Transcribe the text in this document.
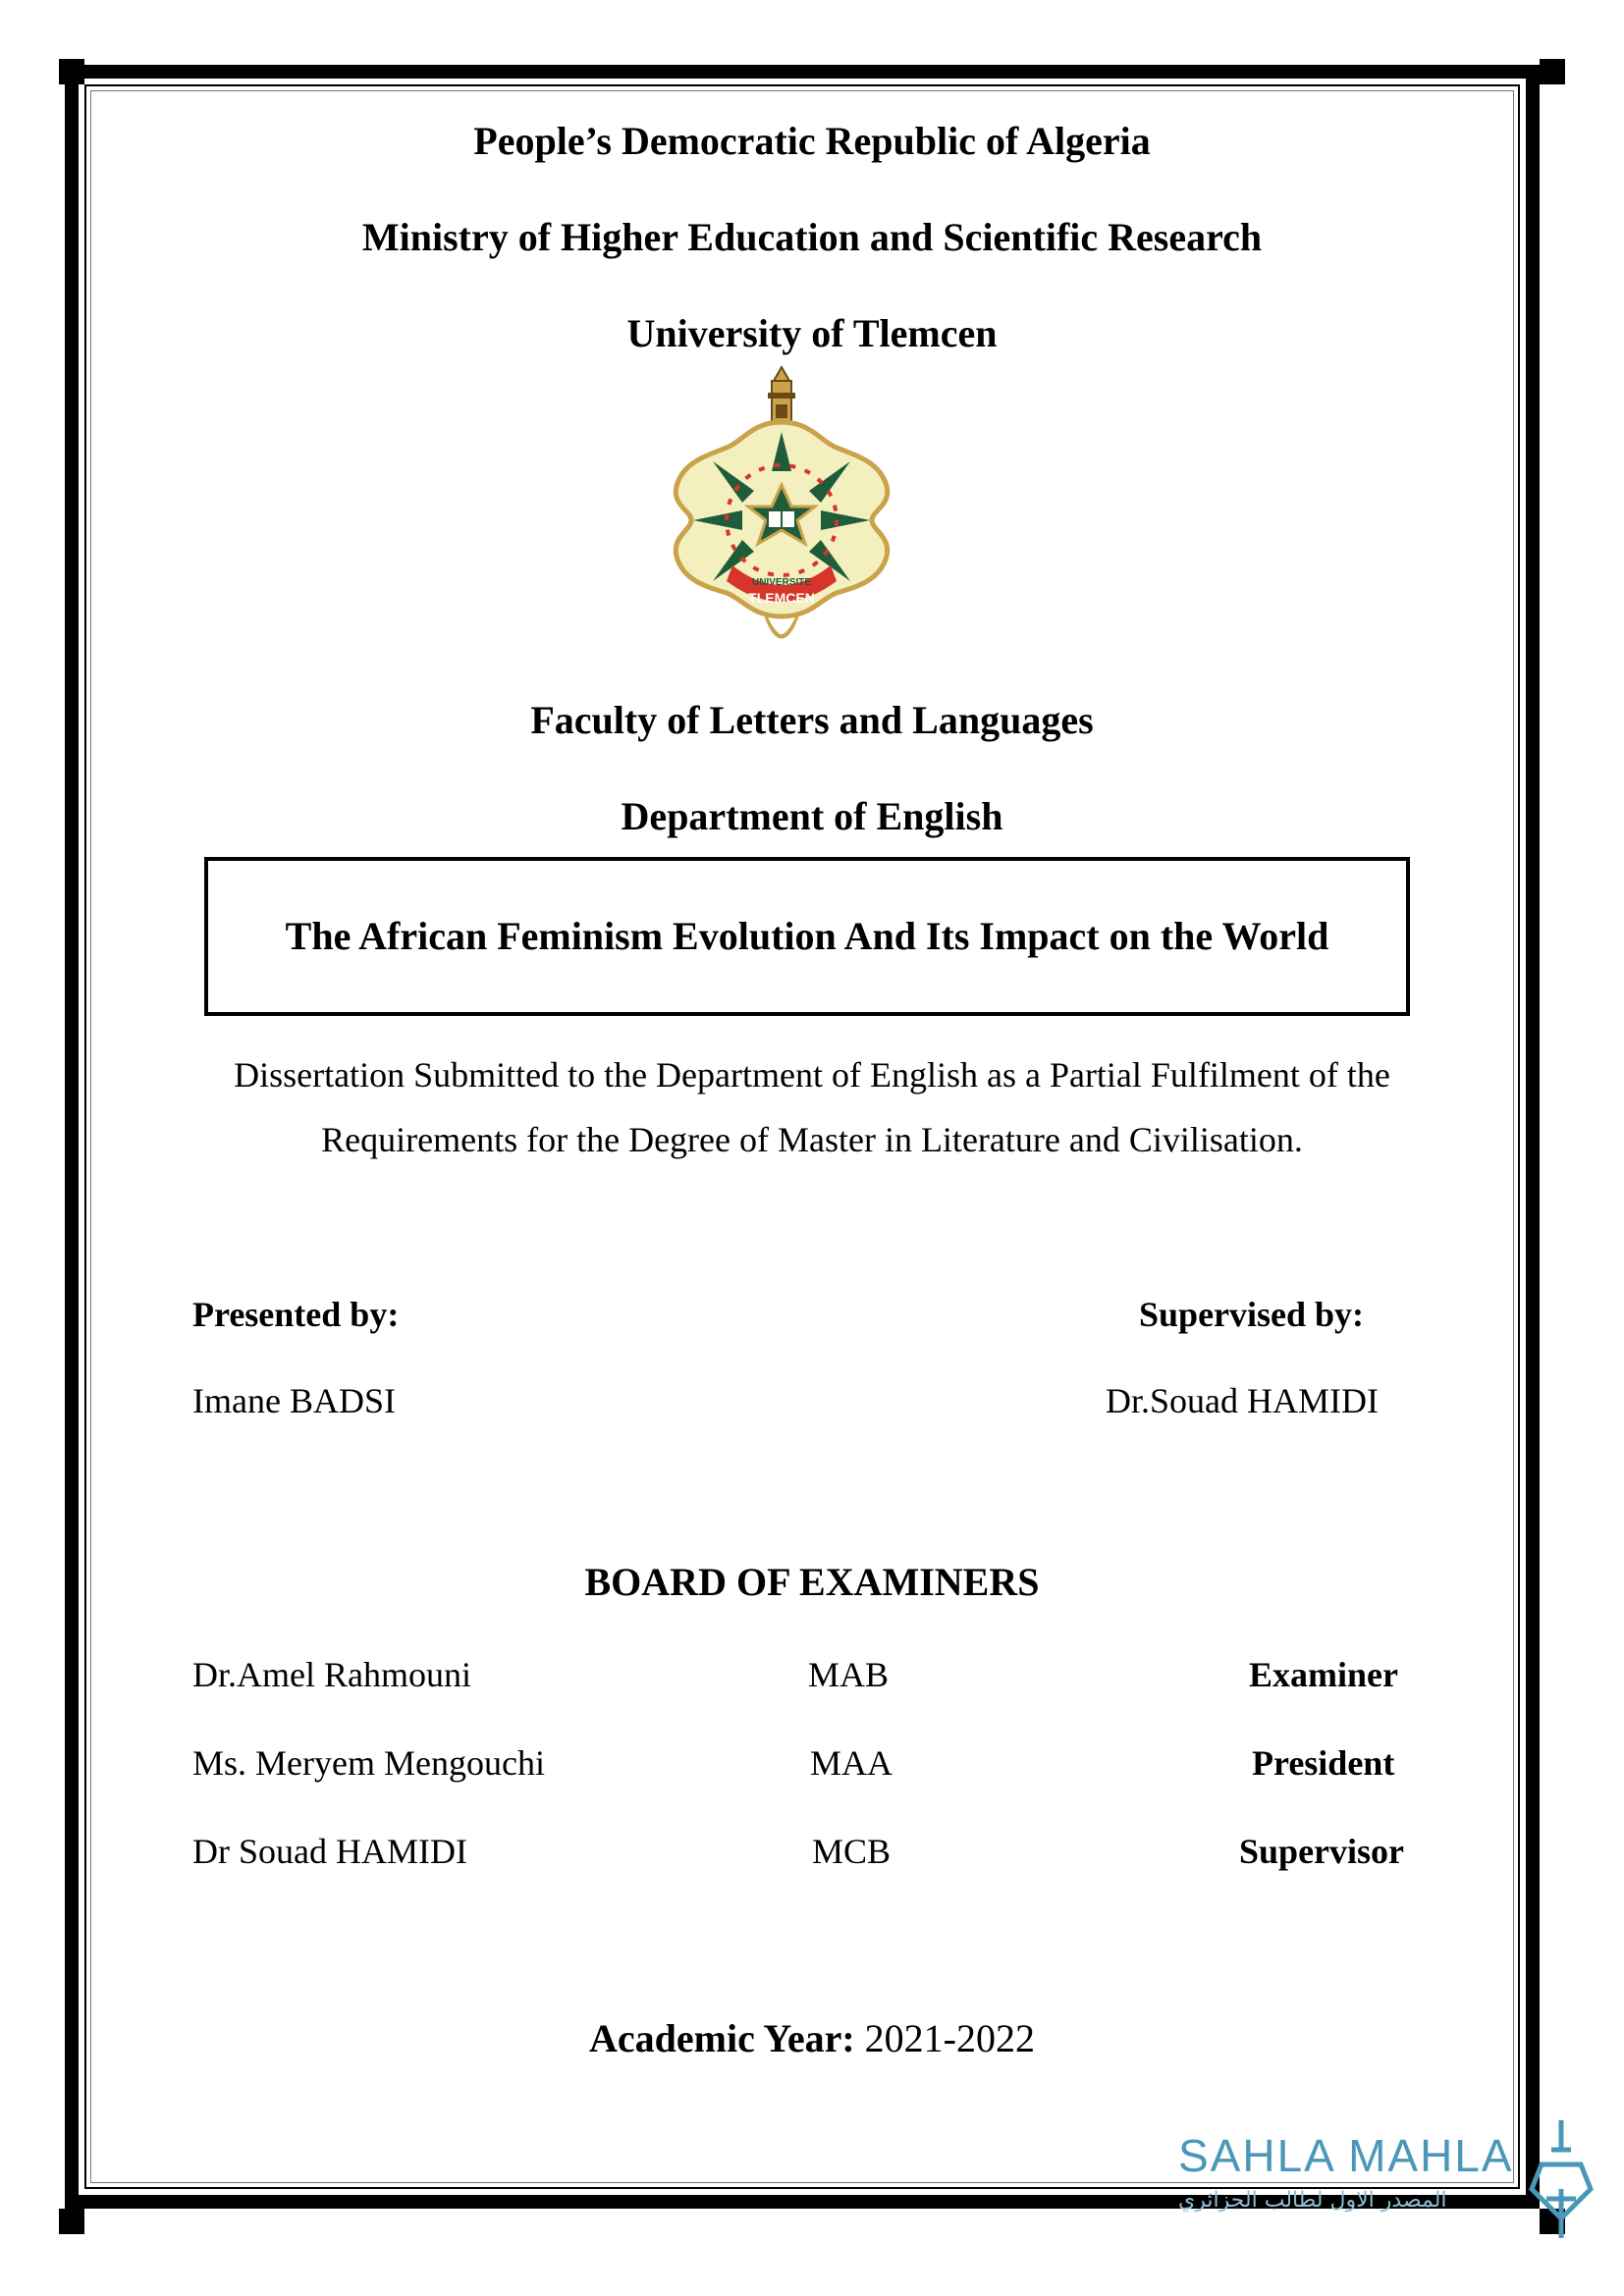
People’s Democratic Republic of Algeria
Ministry of Higher Education and Scientific Research
University of Tlemcen
UNIVERSITE
TLEMCEN
Faculty of Letters and Languages
Department of English
The African Feminism Evolution And Its Impact on the World
Dissertation Submitted to the Department of English as a Partial Fulfilment of the
Requirements for the Degree of Master in Literature and Civilisation.
Presented by:
Imane BADSI
Supervised by:
Dr.Souad HAMIDI
BOARD OF EXAMINERS
Dr.Amel Rahmouni	MAB	Examiner
Ms. Meryem Mengouchi	MAA	President
Dr Souad HAMIDI	MCB	Supervisor
Academic Year: 2021-2022
SAHLA MAHLA
المصدر الاول لطالب الجزائري
